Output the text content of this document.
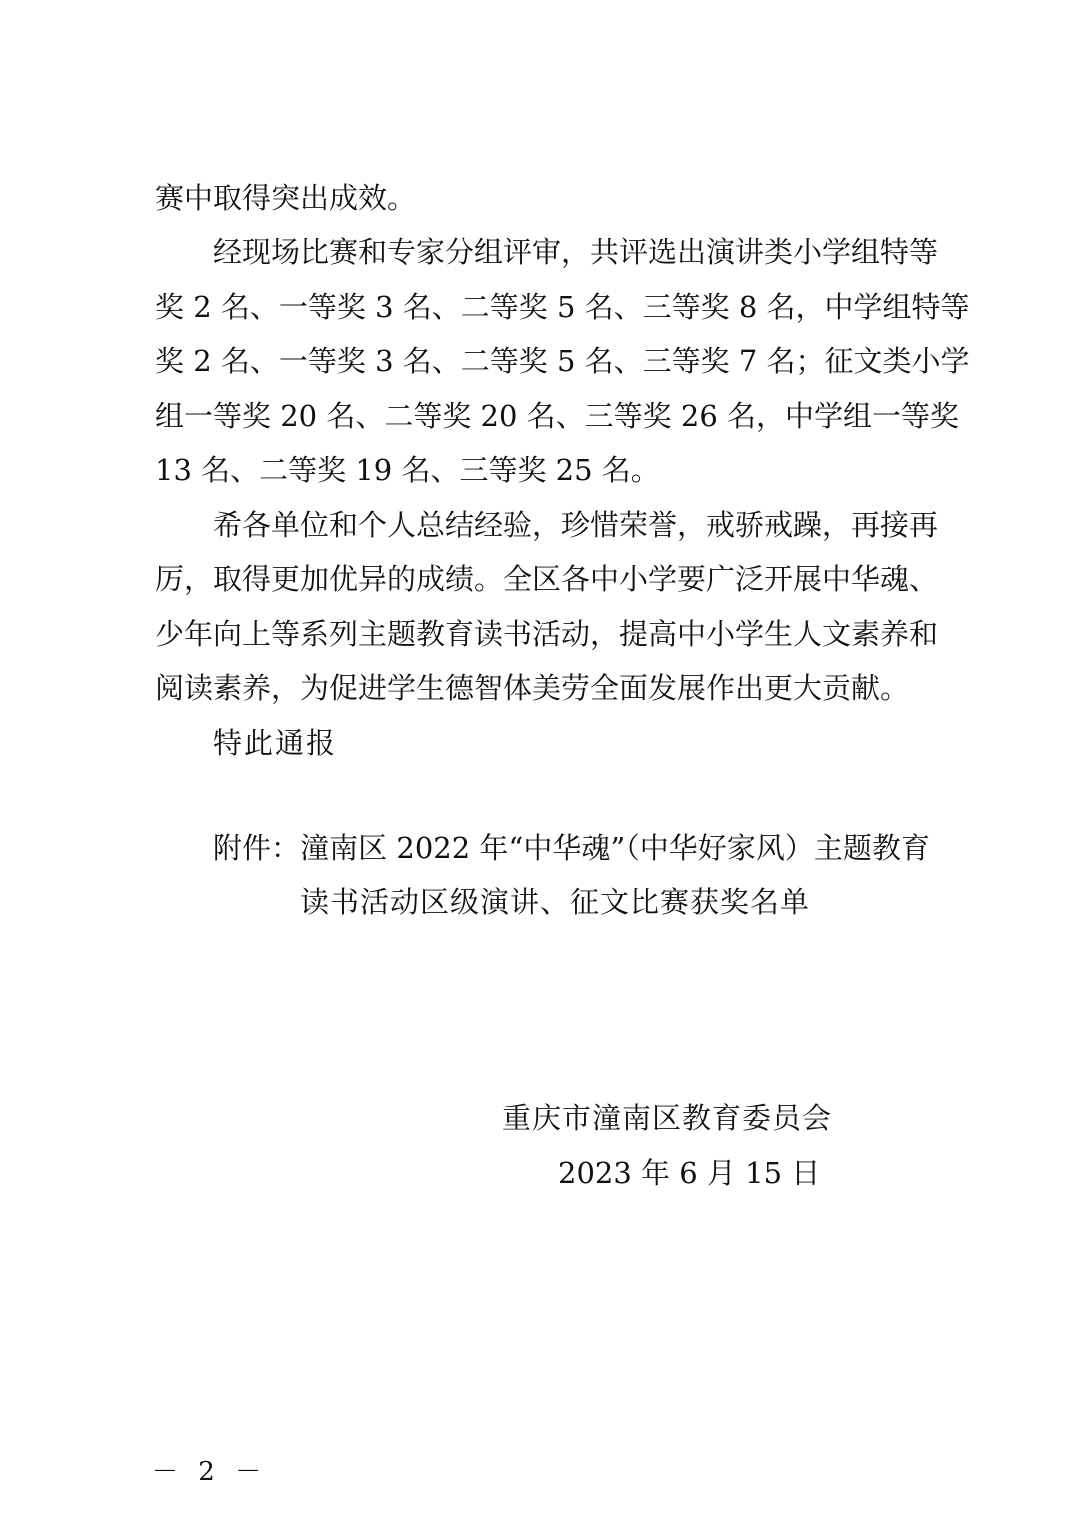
赛中取得突出成效。
经现场比赛和专家分组评审，共评选出演讲类小学组特等
奖 2 名、一等奖 3 名、二等奖 5 名、三等奖 8 名，中学组特等
奖 2 名、一等奖 3 名、二等奖 5 名、三等奖 7 名；征文类小学
组一等奖 20 名、二等奖 20 名、三等奖 26 名，中学组一等奖
13 名、二等奖 19 名、三等奖 25 名。
希各单位和个人总结经验，珍惜荣誉，戒骄戒躁，再接再
厉，取得更加优异的成绩。全区各中小学要广泛开展中华魂、
少年向上等系列主题教育读书活动，提高中小学生人文素养和
阅读素养，为促进学生德智体美劳全面发展作出更大贡献。
特此通报
附件：潼南区 2022 年“中华魂”（中华好家风）主题教育
读书活动区级演讲、征文比赛获奖名单
重庆市潼南区教育委员会
2023 年 6 月 15 日
－ 2 －
